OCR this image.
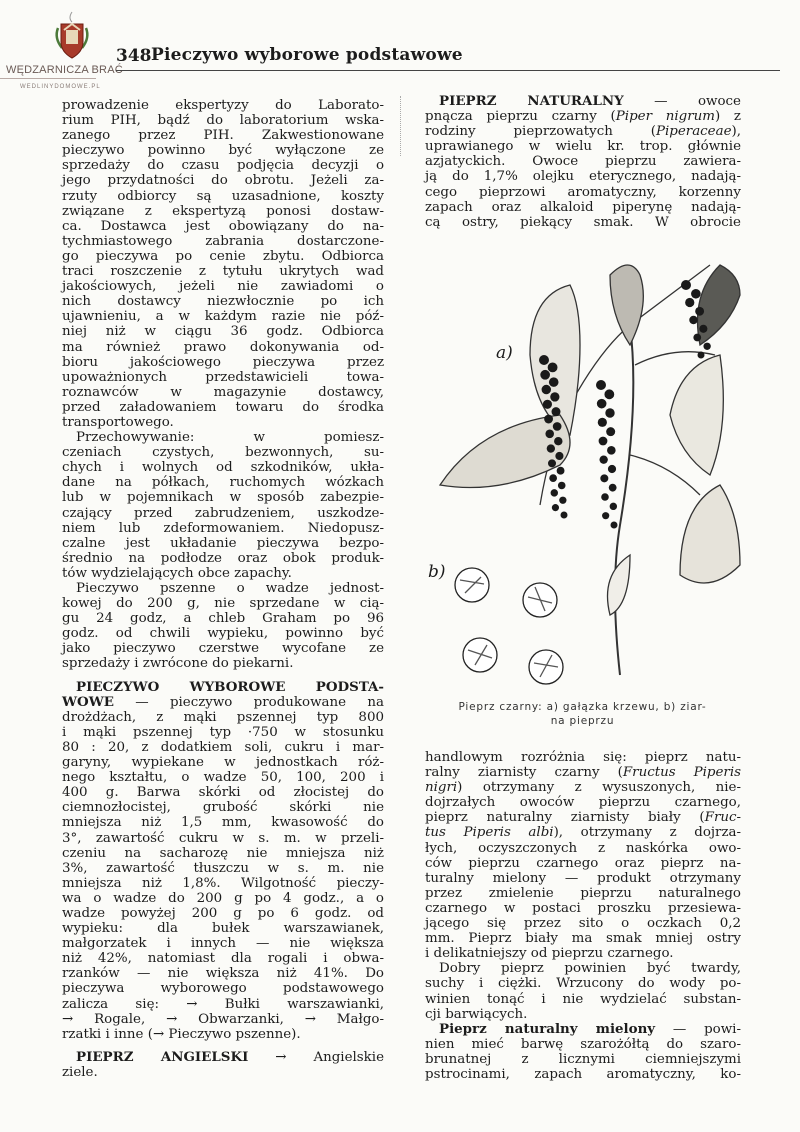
WĘDZARNICZA BRAĆ
WEDLINYDOMOWE.PL
348 Pieczywo wyborowe podstawowe
prowadzenie ekspertyzy do Laborato-
rium PIH, bądź do laboratorium wska-
zanego przez PIH. Zakwestionowane
pieczywo powinno być wyłączone ze
sprzedaży do czasu podjęcia decyzji o
jego przydatności do obrotu. Jeżeli za-
rzuty odbiorcy są uzasadnione, koszty
związane z ekspertyzą ponosi dostaw-
ca. Dostawca jest obowiązany do na-
tychmiastowego zabrania dostarczone-
go pieczywa po cenie zbytu. Odbiorca
traci roszczenie z tytułu ukrytych wad
jakościowych, jeżeli nie zawiadomi o
nich dostawcy niezwłocznie po ich
ujawnieniu, a w każdym razie nie póź-
niej niż w ciągu 36 godz. Odbiorca
ma również prawo dokonywania od-
bioru jakościowego pieczywa przez
upoważnionych przedstawicieli towa-
roznawców w magazynie dostawcy,
przed załadowaniem towaru do środka
transportowego.
Przechowywanie: w pomiesz-
czeniach czystych, bezwonnych, su-
chych i wolnych od szkodników, ukła-
dane na półkach, ruchomych wózkach
lub w pojemnikach w sposób zabezpie-
czający przed zabrudzeniem, uszkodze-
niem lub zdeformowaniem. Niedopusz-
czalne jest układanie pieczywa bezpo-
średnio na podłodze oraz obok produk-
tów wydzielających obce zapachy.
Pieczywo pszenne o wadze jednost-
kowej do 200 g, nie sprzedane w cią-
gu 24 godz, a chleb Graham po 96
godz. od chwili wypieku, powinno być
jako pieczywo czerstwe wycofane ze
sprzedaży i zwrócone do piekarni.
PIECZYWO WYBOROWE PODSTA-
WOWE — pieczywo produkowane na
drożdżach, z mąki pszennej typ 800
i mąki pszennej typ ·750 w stosunku
80 : 20, z dodatkiem soli, cukru i mar-
garyny, wypiekane w jednostkach róż-
nego kształtu, o wadze 50, 100, 200 i
400 g. Barwa skórki od złocistej do
ciemnozłocistej, grubość skórki nie
mniejsza niż 1,5 mm, kwasowość do
3°, zawartość cukru w s. m. w przeli-
czeniu na sacharozę nie mniejsza niż
3%, zawartość tłuszczu w s. m. nie
mniejsza niż 1,8%. Wilgotność pieczy-
wa o wadze do 200 g po 4 godz., a o
wadze powyżej 200 g po 6 godz. od
wypieku: dla bułek warszawianek,
małgorzatek i innych — nie większa
niż 42%, natomiast dla rogali i obwa-
rzanków — nie większa niż 41%. Do
pieczywa wyborowego podstawowego
zalicza się: → Bułki warszawianki,
→ Rogale, → Obwarzanki, → Małgo-
rzatki i inne (→ Pieczywo pszenne).
PIEPRZ ANGIELSKI → Angielskie
ziele.
PIEPRZ NATURALNY — owoce
pnącza pieprzu czarny (Piper nigrum) z
rodziny pieprzowatych (Piperaceae),
uprawianego w wielu kr. trop. głównie
azjatyckich. Owoce pieprzu zawiera-
ją do 1,7% olejku eterycznego, nadają-
cego pieprzowi aromatyczny, korzenny
zapach oraz alkaloid piperynę nadają-
cą ostry, piekący smak. W obrocie
handlowym rozróżnia się: pieprz natu-
ralny ziarnisty czarny (Fructus Piperis
nigri) otrzymany z wysuszonych, nie-
dojrzałych owoców pieprzu czarnego,
pieprz naturalny ziarnisty biały (Fruc-
tus Piperis albi), otrzymany z dojrza-
łych, oczyszczonych z naskórka owo-
ców pieprzu czarnego oraz pieprz na-
turalny mielony — produkt otrzymany
przez zmielenie pieprzu naturalnego
czarnego w postaci proszku przesiewa-
jącego się przez sito o oczkach 0,2
mm. Pieprz biały ma smak mniej ostry
i delikatniejszy od pieprzu czarnego.
Dobry pieprz powinien być twardy,
suchy i ciężki. Wrzucony do wody po-
winien tonąć i nie wydzielać substan-
cji barwiących.
Pieprz naturalny mielony — powi-
nien mieć barwę szarożółtą do szaro-
brunatnej z licznymi ciemniejszymi
pstrocinami, zapach aromatyczny, ko-
a)
b)
Pieprz czarny: a) gałązka krzewu, b) ziar-
na pieprzu
